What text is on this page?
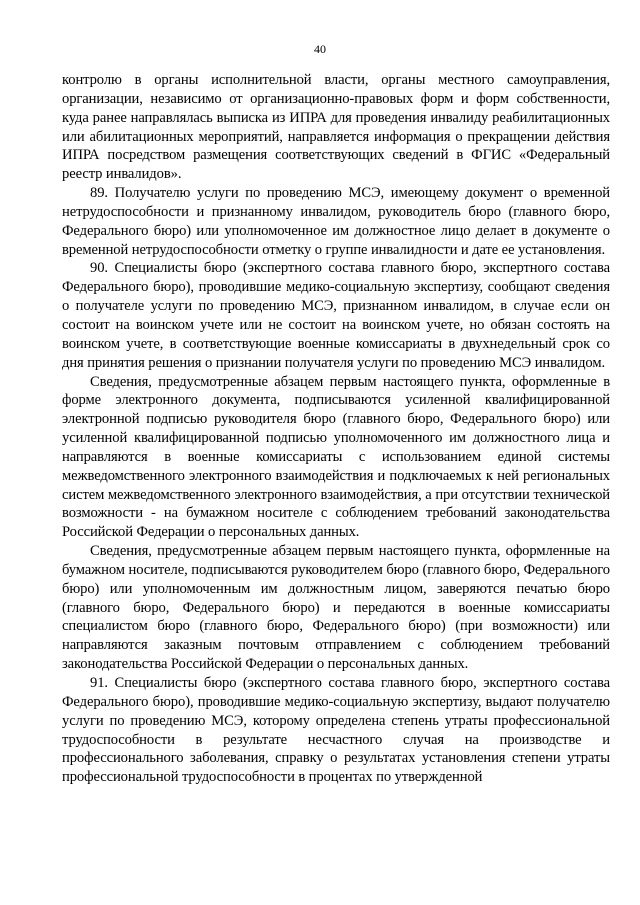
40

контролю в органы исполнительной власти, органы местного самоуправления, организации, независимо от организационно-правовых форм и форм собственности, куда ранее направлялась выписка из ИПРА для проведения инвалиду реабилитационных или абилитационных мероприятий, направляется информация о прекращении действия ИПРА посредством размещения соответствующих сведений в ФГИС «Федеральный реестр инвалидов».

89. Получателю услуги по проведению МСЭ, имеющему документ о временной нетрудоспособности и признанному инвалидом, руководитель бюро (главного бюро, Федерального бюро) или уполномоченное им должностное лицо делает в документе о временной нетрудоспособности отметку о группе инвалидности и дате ее установления.

90. Специалисты бюро (экспертного состава главного бюро, экспертного состава Федерального бюро), проводившие медико-социальную экспертизу, сообщают сведения о получателе услуги по проведению МСЭ, признанном инвалидом, в случае если он состоит на воинском учете или не состоит на воинском учете, но обязан состоять на воинском учете, в соответствующие военные комиссариаты в двухнедельный срок со дня принятия решения о признании получателя услуги по проведению МСЭ инвалидом.

Сведения, предусмотренные абзацем первым настоящего пункта, оформленные в форме электронного документа, подписываются усиленной квалифицированной электронной подписью руководителя бюро (главного бюро, Федерального бюро) или усиленной квалифицированной подписью уполномоченного им должностного лица и направляются в военные комиссариаты с использованием единой системы межведомственного электронного взаимодействия и подключаемых к ней региональных систем межведомственного электронного взаимодействия, а при отсутствии технической возможности - на бумажном носителе с соблюдением требований законодательства Российской Федерации о персональных данных.

Сведения, предусмотренные абзацем первым настоящего пункта, оформленные на бумажном носителе, подписываются руководителем бюро (главного бюро, Федерального бюро) или уполномоченным им должностным лицом, заверяются печатью бюро (главного бюро, Федерального бюро) и передаются в военные комиссариаты специалистом бюро (главного бюро, Федерального бюро) (при возможности) или направляются заказным почтовым отправлением с соблюдением требований законодательства Российской Федерации о персональных данных.

91. Специалисты бюро (экспертного состава главного бюро, экспертного состава Федерального бюро), проводившие медико-социальную экспертизу, выдают получателю услуги по проведению МСЭ, которому определена степень утраты профессиональной трудоспособности в результате несчастного случая на производстве и профессионального заболевания, справку о результатах установления степени утраты профессиональной трудоспособности в процентах по утвержденной
